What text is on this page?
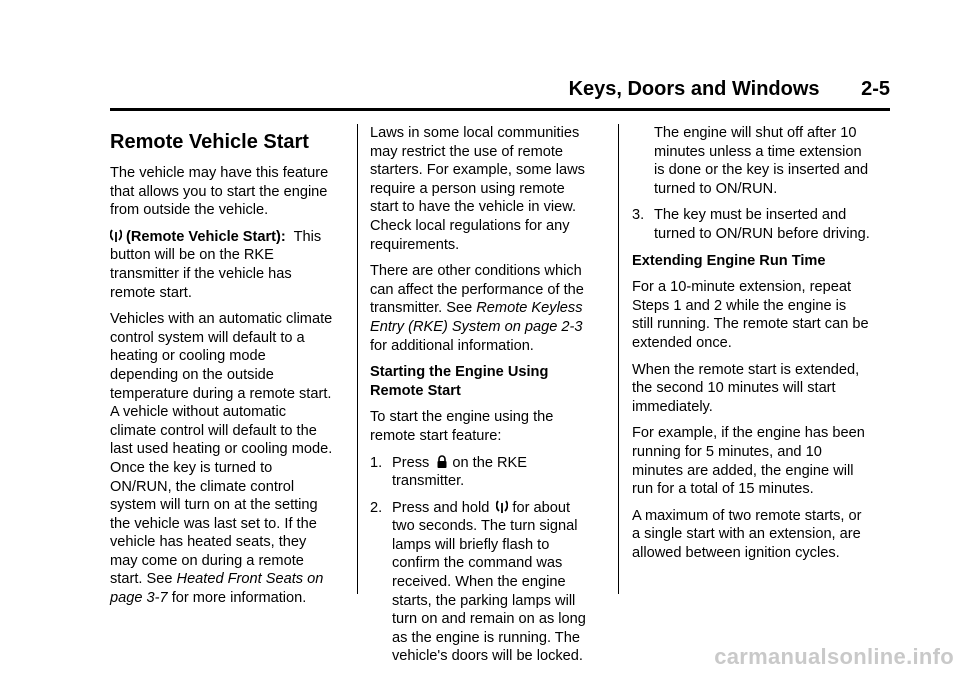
Keys, Doors and Windows 2-5
Remote Vehicle Start

The vehicle may have this feature that allows you to start the engine from outside the vehicle.

(Remote Vehicle Start): This button will be on the RKE transmitter if the vehicle has remote start.

Vehicles with an automatic climate control system will default to a heating or cooling mode depending on the outside temperature during a remote start. A vehicle without automatic climate control will default to the last used heating or cooling mode. Once the key is turned to ON/RUN, the climate control system will turn on at the setting the vehicle was last set to. If the vehicle has heated seats, they may come on during a remote start. See Heated Front Seats on page 3-7 for more information.

Laws in some local communities may restrict the use of remote starters. For example, some laws require a person using remote start to have the vehicle in view. Check local regulations for any requirements.

There are other conditions which can affect the performance of the transmitter. See Remote Keyless Entry (RKE) System on page 2-3 for additional information.

Starting the Engine Using Remote Start

To start the engine using the remote start feature:

1. Press on the RKE transmitter.
2. Press and hold for about two seconds. The turn signal lamps will briefly flash to confirm the command was received. When the engine starts, the parking lamps will turn on and remain on as long as the engine is running. The vehicle's doors will be locked.

The engine will shut off after 10 minutes unless a time extension is done or the key is inserted and turned to ON/RUN.

3. The key must be inserted and turned to ON/RUN before driving.

Extending Engine Run Time

For a 10-minute extension, repeat Steps 1 and 2 while the engine is still running. The remote start can be extended once.

When the remote start is extended, the second 10 minutes will start immediately.

For example, if the engine has been running for 5 minutes, and 10 minutes are added, the engine will run for a total of 15 minutes.

A maximum of two remote starts, or a single start with an extension, are allowed between ignition cycles.

carmanualsonline.info
